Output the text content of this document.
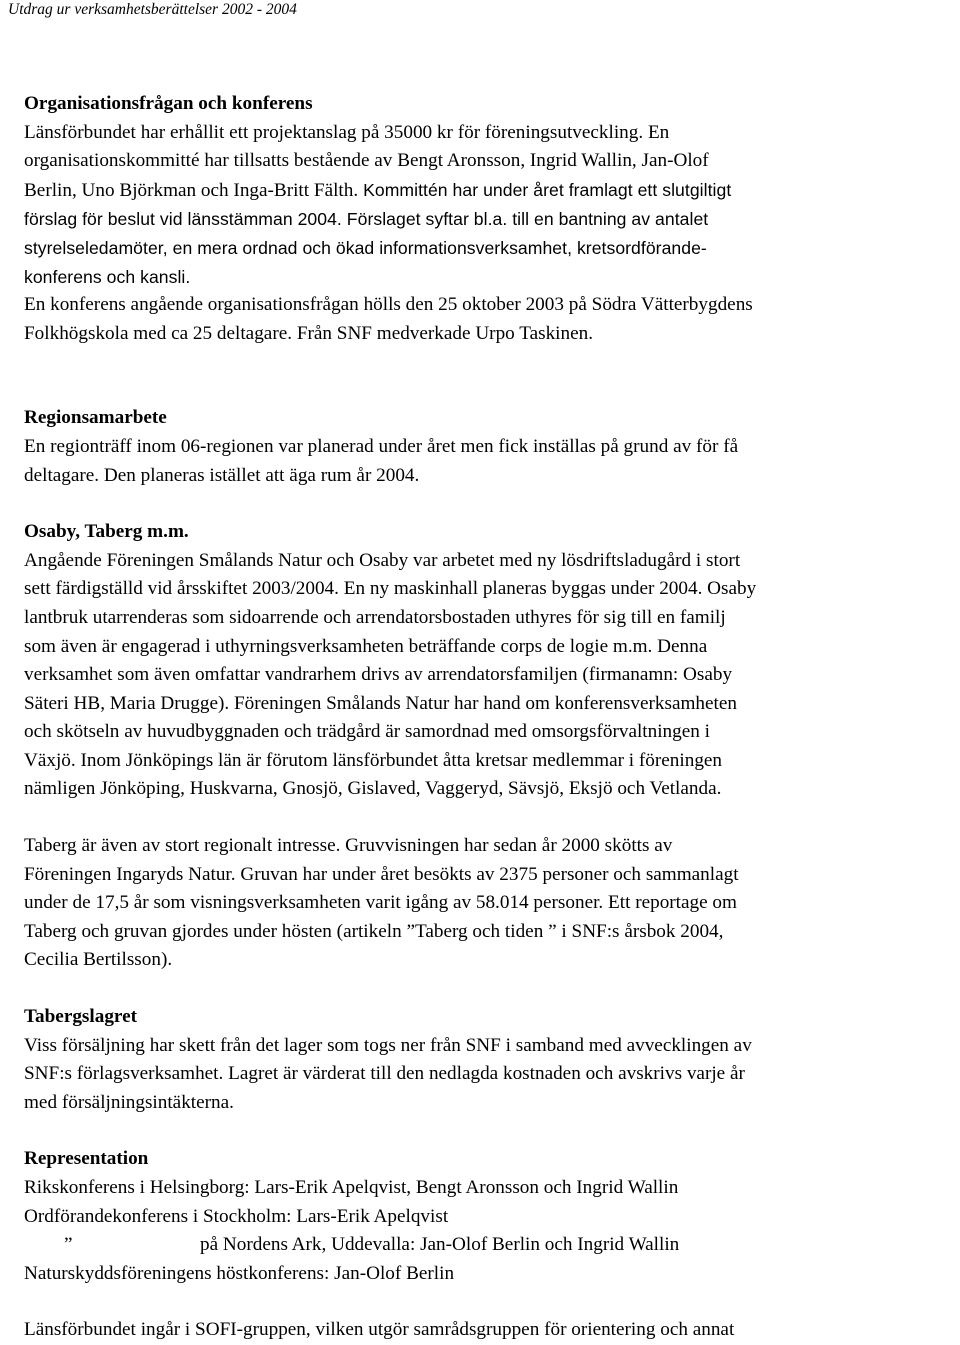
Utdrag ur verksamhetsberättelser 2002 - 2004
Organisationsfrågan och konferens
Länsförbundet har erhållit ett projektanslag på 35000 kr för föreningsutveckling. En
organisationskommitté har tillsatts bestående av Bengt Aronsson, Ingrid Wallin, Jan-Olof
Berlin, Uno Björkman och Inga-Britt Fälth. Kommittén har under året framlagt ett slutgiltigt
förslag för beslut vid länsstämman 2004. Förslaget syftar bl.a. till en bantning av antalet
styrelseledamöter, en mera ordnad och ökad informationsverksamhet, kretsordförande-
konferens och kansli.
En konferens angående organisationsfrågan hölls den 25 oktober 2003 på Södra Vätterbygdens
Folkhögskola med ca 25 deltagare. Från SNF medverkade Urpo Taskinen.
Regionsamarbete
En regionträff inom 06-regionen var planerad under året men fick inställas på grund av för få
deltagare. Den planeras istället att äga rum år 2004.
Osaby, Taberg m.m.
Angående Föreningen Smålands Natur och Osaby var arbetet med ny lösdriftsladugård i stort
sett färdigställd vid årsskiftet 2003/2004. En ny maskinhall planeras byggas under 2004. Osaby
lantbruk utarrenderas som sidoarrende och arrendatorsbostaden uthyres för sig till en familj
som även är engagerad i uthyrningsverksamheten beträffande corps de logie m.m. Denna
verksamhet som även omfattar vandrarhem drivs av arrendatorsfamiljen (firmanamn: Osaby
Säteri HB, Maria Drugge). Föreningen Smålands Natur har hand om konferensverksamheten
och skötseln av huvudbyggnaden och trädgård är samordnad med omsorgsförvaltningen i
Växjö. Inom Jönköpings län är förutom länsförbundet åtta kretsar medlemmar i föreningen
nämligen Jönköping, Huskvarna, Gnosjö, Gislaved, Vaggeryd, Sävsjö, Eksjö och Vetlanda.
Taberg är även av stort regionalt intresse. Gruvvisningen har sedan år 2000 skötts av
Föreningen Ingaryds Natur. Gruvan har under året besökts av 2375 personer och sammanlagt
under de 17,5 år som visningsverksamheten varit igång av 58.014 personer. Ett reportage om
Taberg och gruvan gjordes under hösten (artikeln ”Taberg och tiden ” i SNF:s årsbok 2004,
Cecilia Bertilsson).
Tabergslagret
Viss försäljning har skett från det lager som togs ner från SNF i samband med avvecklingen av
SNF:s förlagsverksamhet. Lagret är värderat till den nedlagda kostnaden och avskrivs varje år
med försäljningsintäkterna.
Representation
Rikskonferens i Helsingborg: Lars-Erik Apelqvist, Bengt Aronsson och Ingrid Wallin
Ordförandekonferens i Stockholm: Lars-Erik Apelqvist
”	på Nordens Ark, Uddevalla: Jan-Olof Berlin och Ingrid Wallin
Naturskyddsföreningens höstkonferens: Jan-Olof Berlin
Länsförbundet ingår i SOFI-gruppen, vilken utgör samrådsgruppen för orientering och annat
